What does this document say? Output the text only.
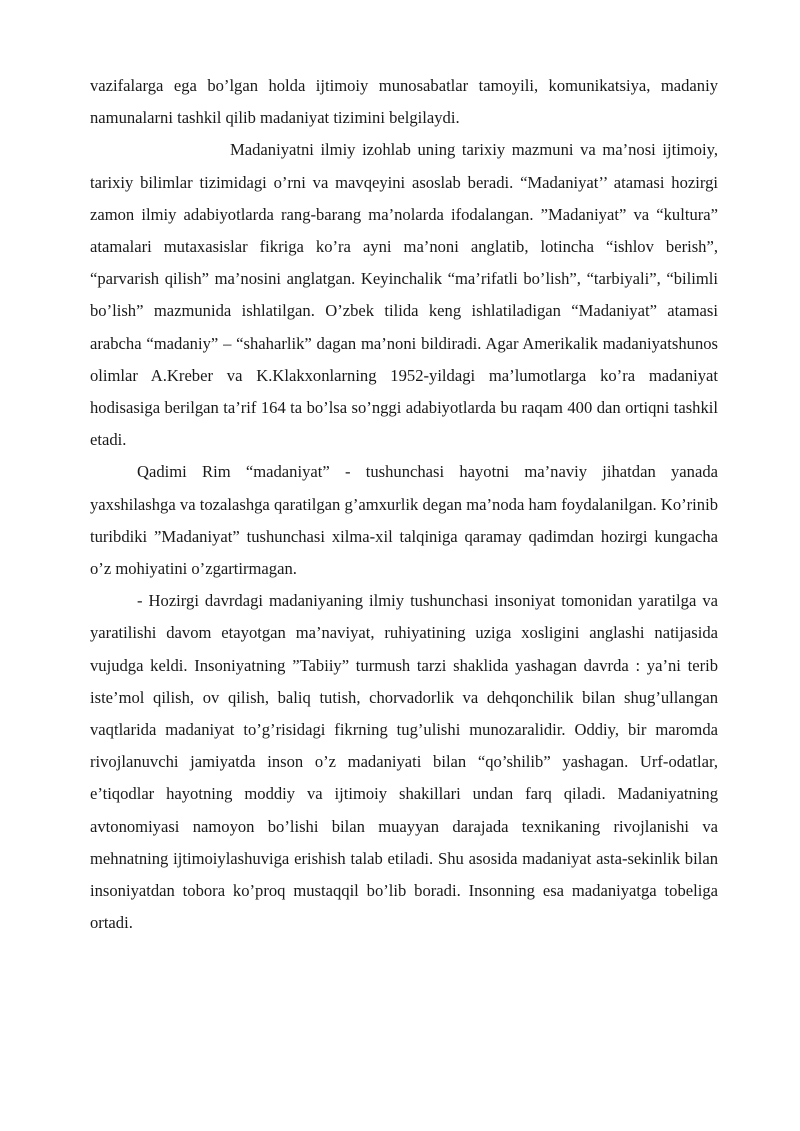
vazifalarga ega bo’lgan holda ijtimoiy munosabatlar tamoyili, komunikatsiya, madaniy namunalarni tashkil qilib madaniyat tizimini belgilaydi.

Madaniyatni ilmiy izohlab uning tarixiy mazmuni va ma’nosi ijtimoiy, tarixiy bilimlar tizimidagi o’rni va mavqeyini asoslab beradi. “Madaniyat’’ atamasi hozirgi zamon ilmiy adabiyotlarda rang-barang ma’nolarda ifodalangan. ”Madaniyat” va “kultura” atamalari mutaxasislar fikriga ko’ra ayni ma’noni anglatib, lotincha “ishlov berish”, “parvarish qilish” ma’nosini anglatgan. Keyinchalik “ma’rifatli bo’lish”, “tarbiyali”, “bilimli bo’lish” mazmunida ishlatilgan. O’zbek tilida keng ishlatiladigan “Madaniyat” atamasi arabcha “madaniy” – “shaharlik” dagan ma’noni bildiradi. Agar Amerikalik madaniyatshunos olimlar A.Kreber va K.Klakxonlarning 1952-yildagi ma’lumotlarga ko’ra madaniyat hodisasiga berilgan ta’rif 164 ta bo’lsa so’nggi adabiyotlarda bu raqam 400 dan ortiqni tashkil etadi.

Qadimi Rim “madaniyat” - tushunchasi hayotni ma’naviy jihatdan yanada yaxshilashga va tozalashga qaratilgan g’amxurlik degan ma’noda ham foydalanilgan. Ko’rinib turibdiki ”Madaniyat” tushunchasi xilma-xil talqiniga qaramay qadimdan hozirgi kungacha o’z mohiyatini o’zgartirmagan.

- Hozirgi davrdagi madaniyaning ilmiy tushunchasi insoniyat tomonidan yaratilga va yaratilishi davom etayotgan ma’naviyat, ruhiyatining uziga xosligini anglashi natijasida vujudga keldi. Insoniyatning ”Tabiiy” turmush tarzi shaklida yashagan davrda : ya’ni terib iste’mol qilish, ov qilish, baliq tutish, chorvadorlik va dehqonchilik bilan shug’ullangan vaqtlarida madaniyat to’g’risidagi fikrning tug’ulishi munozaralidir. Oddiy, bir maromda rivojlanuvchi jamiyatda inson o’z madaniyati bilan “qo’shilib” yashagan. Urf-odatlar, e’tiqodlar hayotning moddiy va ijtimoiy shakillari undan farq qiladi. Madaniyatning avtonomiyasi namoyon bo’lishi bilan muayyan darajada texnikaning rivojlanishi va mehnatning ijtimoiylashuviga erishish talab etiladi. Shu asosida madaniyat asta-sekinlik bilan insoniyatdan tobora ko’proq mustaqqil bo’lib boradi. Insonning esa madaniyatga tobeliga ortadi.
